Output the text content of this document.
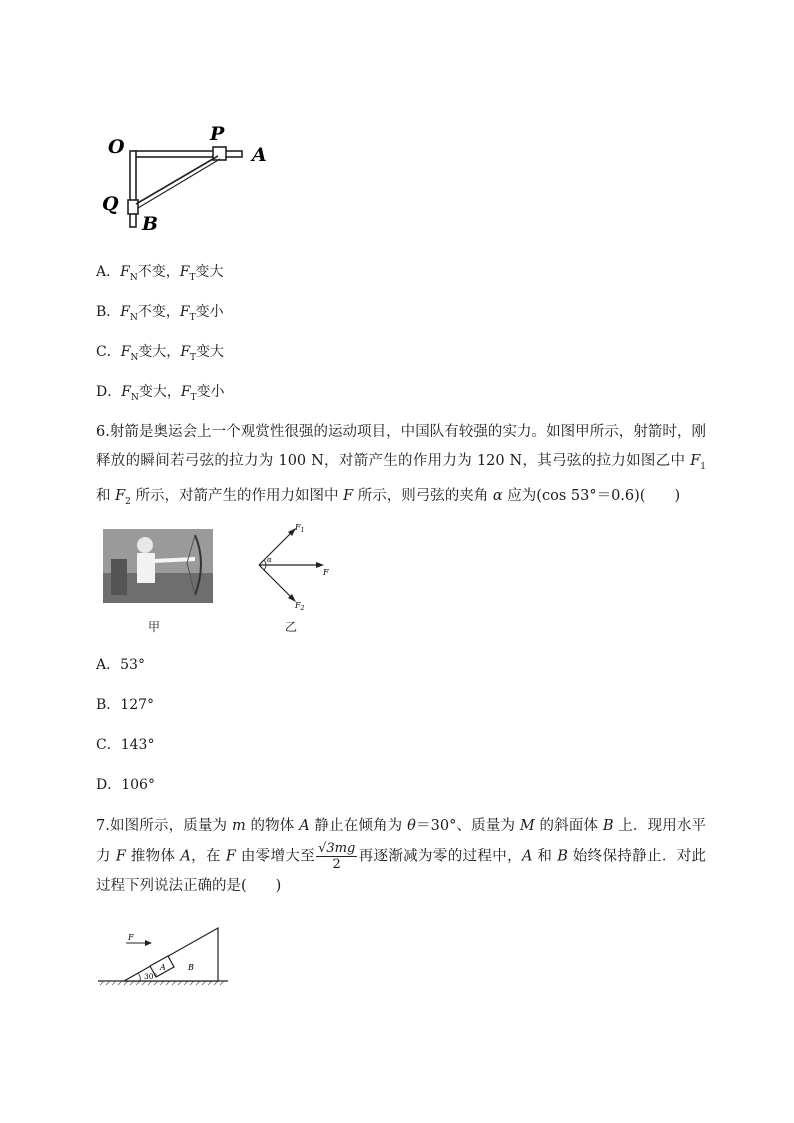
O
P
A
Q
B
A．$F_N$不变，$F_T$变大
B．$F_N$不变，$F_T$变小
C．$F_N$变大，$F_T$变大
D．$F_N$变大，$F_T$变小
6.射箭是奥运会上一个观赏性很强的运动项目，中国队有较强的实力。如图甲所示，射箭时，刚释放的瞬间若弓弦的拉力为 100 N，对箭产生的作用力为 120 N，其弓弦的拉力如图乙中 $F_1$和 $F_2$ 所示，对箭产生的作用力如图中 F 所示，则弓弦的夹角 α 应为(cos 53°＝0.6)(　　)
甲
$F_1$
$F_2$
F
α
乙
A．53°
B．127°
C．143°
D．106°
7.如图所示，质量为 m 的物体 A 静止在倾角为 θ＝30°、质量为 M 的斜面体 B 上．现用水平力 F 推物体 A，在 F 由零增大至 $\frac{√3mg}{2}$ 再逐渐减为零的过程中，A 和 B 始终保持静止．对此过程下列说法正确的是(　　)
F
A	B
30°
